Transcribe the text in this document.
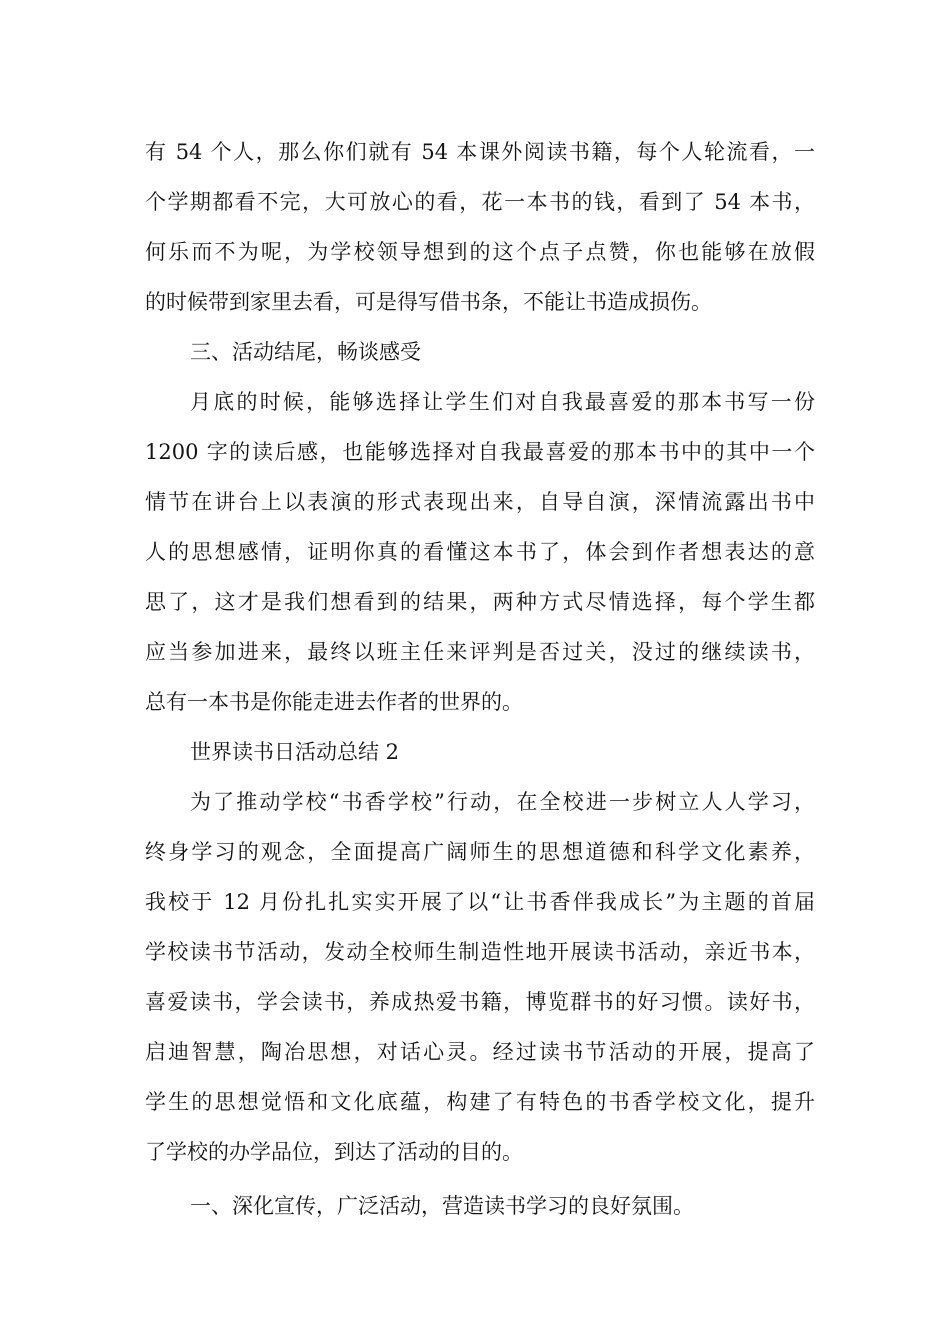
有 54 个人，那么你们就有 54 本课外阅读书籍，每个人轮流看，一
个学期都看不完，大可放心的看，花一本书的钱，看到了 54 本书，
何乐而不为呢，为学校领导想到的这个点子点赞，你也能够在放假
的时候带到家里去看，可是得写借书条，不能让书造成损伤。
三、活动结尾，畅谈感受
月底的时候，能够选择让学生们对自我最喜爱的那本书写一份
1200 字的读后感，也能够选择对自我最喜爱的那本书中的其中一个
情节在讲台上以表演的形式表现出来，自导自演，深情流露出书中
人的思想感情，证明你真的看懂这本书了，体会到作者想表达的意
思了，这才是我们想看到的结果，两种方式尽情选择，每个学生都
应当参加进来，最终以班主任来评判是否过关，没过的继续读书，
总有一本书是你能走进去作者的世界的。
世界读书日活动总结 2
为了推动学校“书香学校”行动，在全校进一步树立人人学习，
终身学习的观念，全面提高广阔师生的思想道德和科学文化素养，
我校于 12 月份扎扎实实开展了以“让书香伴我成长”为主题的首届
学校读书节活动，发动全校师生制造性地开展读书活动，亲近书本，
喜爱读书，学会读书，养成热爱书籍，博览群书的好习惯。读好书，
启迪智慧，陶冶思想，对话心灵。经过读书节活动的开展，提高了
学生的思想觉悟和文化底蕴，构建了有特色的书香学校文化，提升
了学校的办学品位，到达了活动的目的。
一、深化宣传，广泛活动，营造读书学习的良好氛围。
